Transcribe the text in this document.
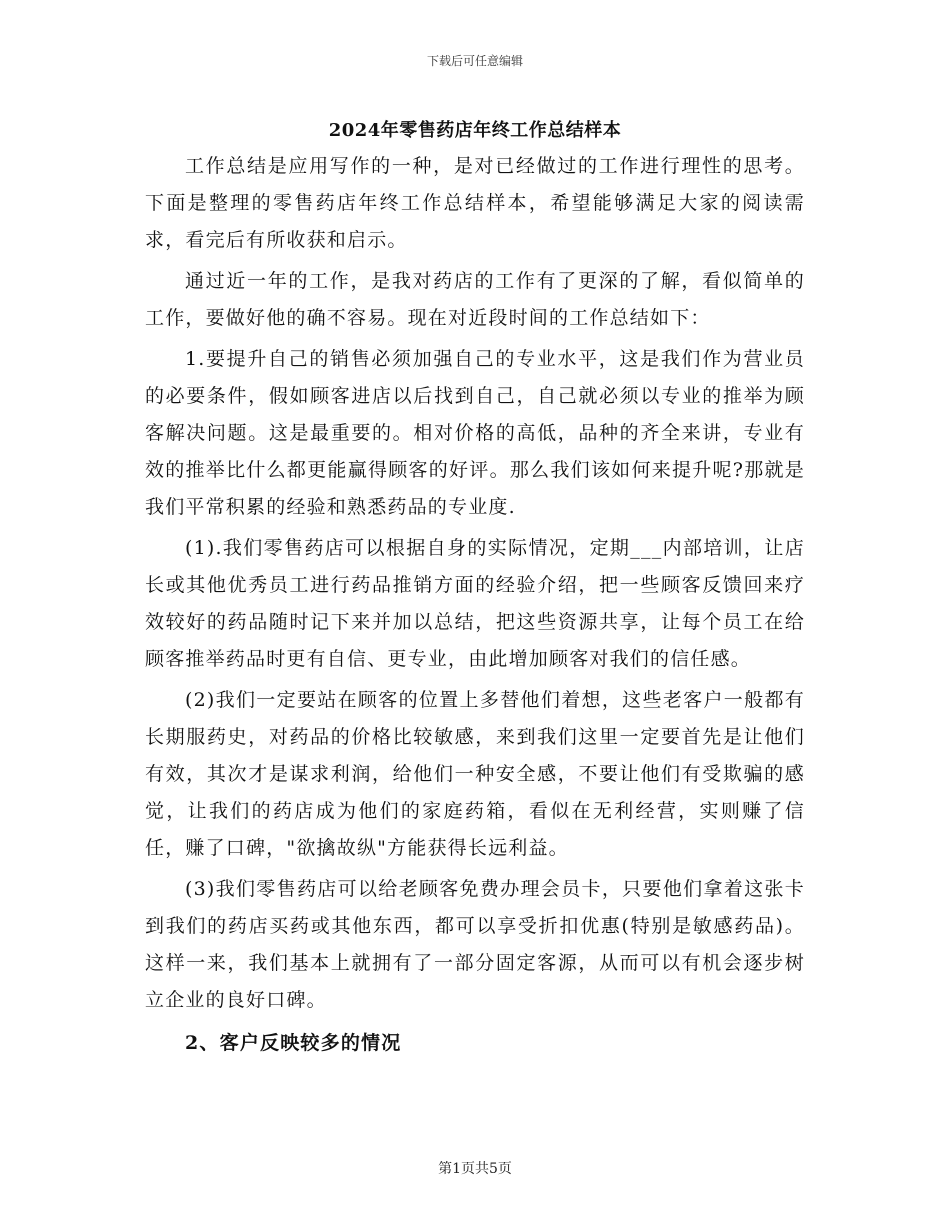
下载后可任意编辑
2024年零售药店年终工作总结样本

工作总结是应用写作的一种，是对已经做过的工作进行理性的思考。下面是整理的零售药店年终工作总结样本，希望能够满足大家的阅读需求，看完后有所收获和启示。

通过近一年的工作，是我对药店的工作有了更深的了解，看似简单的工作，要做好他的确不容易。现在对近段时间的工作总结如下：

1.要提升自己的销售必须加强自己的专业水平，这是我们作为营业员的必要条件，假如顾客进店以后找到自己，自己就必须以专业的推举为顾客解决问题。这是最重要的。相对价格的高低，品种的齐全来讲，专业有效的推举比什么都更能赢得顾客的好评。那么我们该如何来提升呢?那就是我们平常积累的经验和熟悉药品的专业度.

(1).我们零售药店可以根据自身的实际情况，定期___内部培训，让店长或其他优秀员工进行药品推销方面的经验介绍，把一些顾客反馈回来疗效较好的药品随时记下来并加以总结，把这些资源共享，让每个员工在给顾客推举药品时更有自信、更专业，由此增加顾客对我们的信任感。

(2)我们一定要站在顾客的位置上多替他们着想，这些老客户一般都有长期服药史，对药品的价格比较敏感，来到我们这里一定要首先是让他们有效，其次才是谋求利润，给他们一种安全感，不要让他们有受欺骗的感觉，让我们的药店成为他们的家庭药箱，看似在无利经营，实则赚了信任，赚了口碑，"欲擒故纵"方能获得长远利益。

(3)我们零售药店可以给老顾客免费办理会员卡，只要他们拿着这张卡到我们的药店买药或其他东西，都可以享受折扣优惠(特别是敏感药品)。这样一来，我们基本上就拥有了一部分固定客源，从而可以有机会逐步树立企业的良好口碑。

2、客户反映较多的情况

第1页共5页
